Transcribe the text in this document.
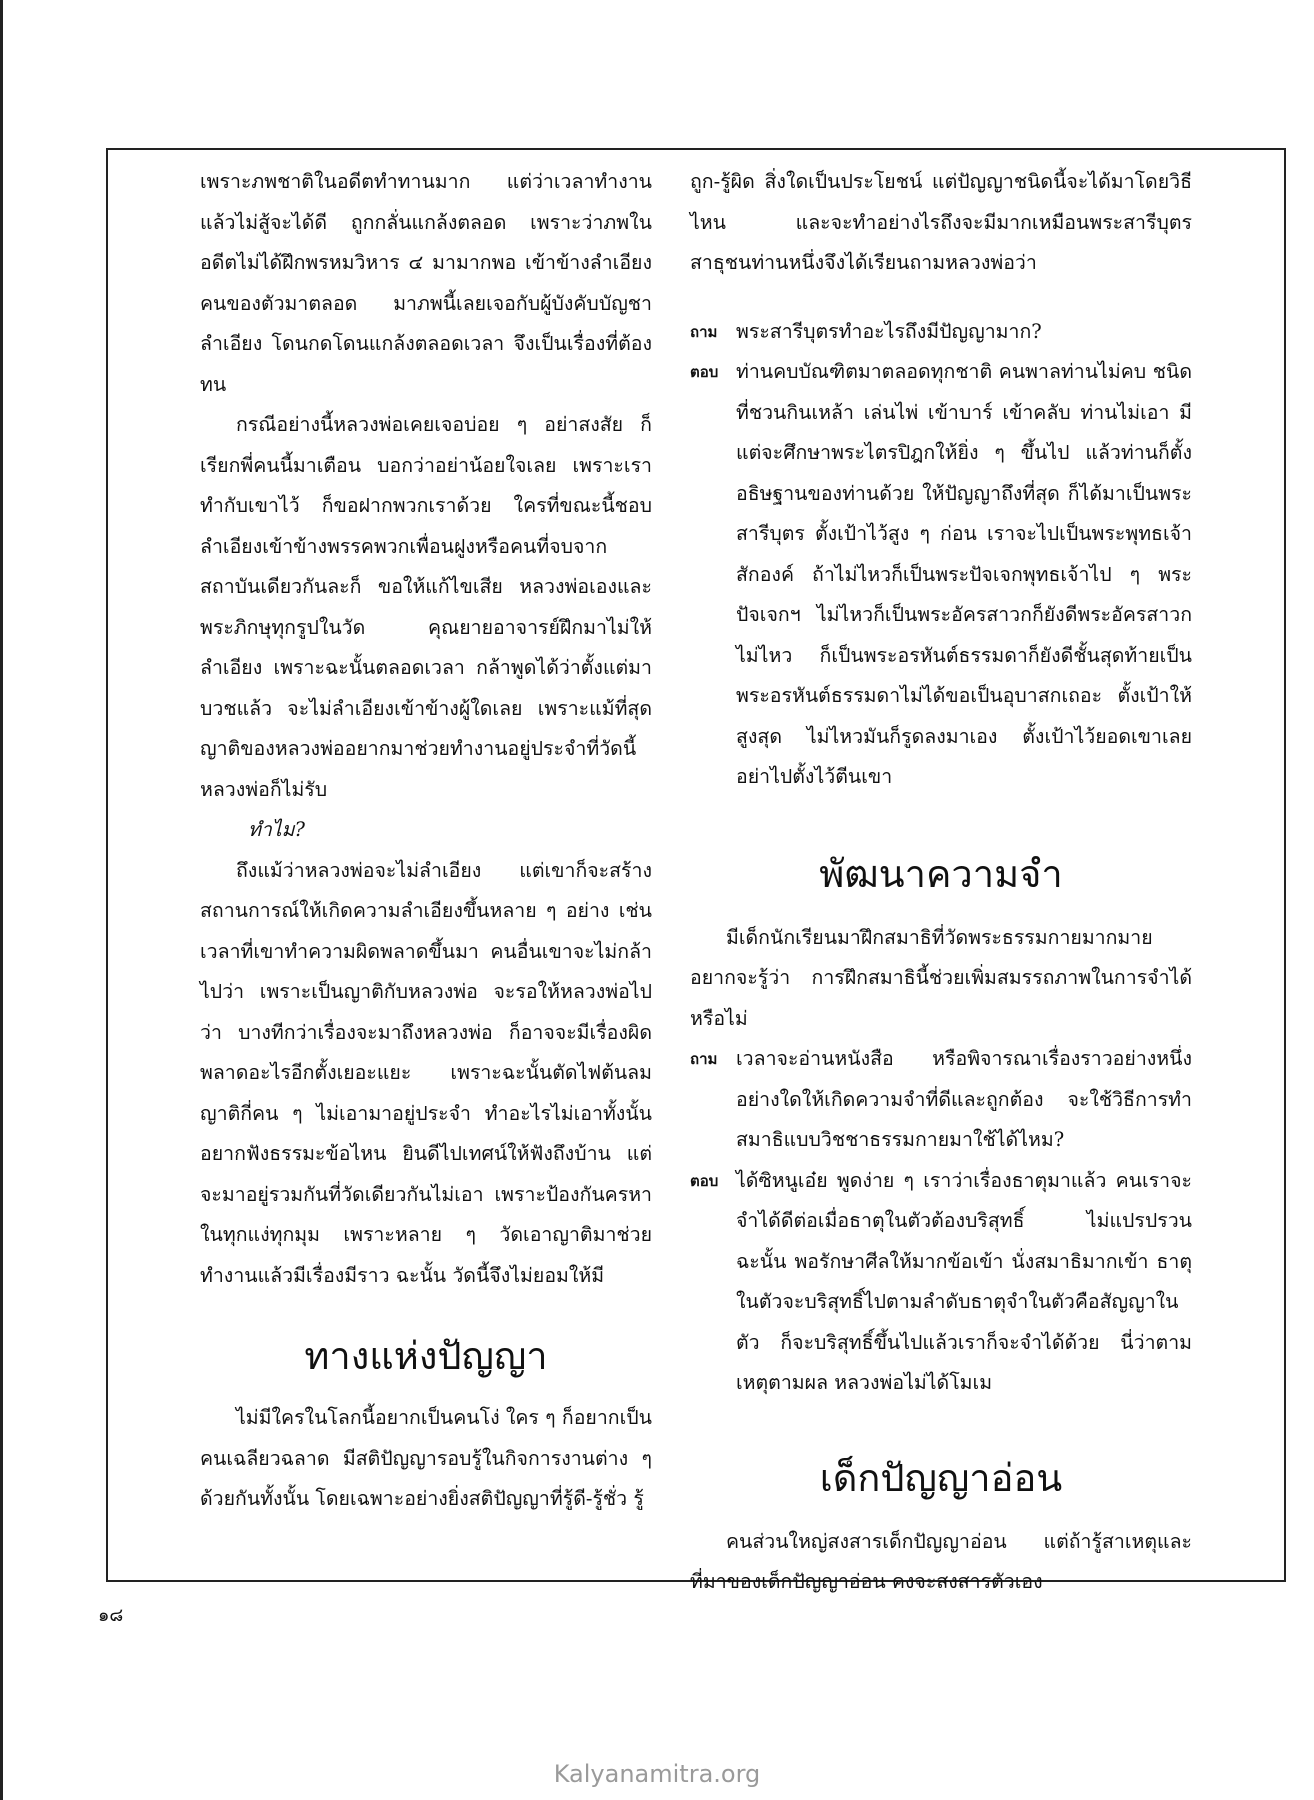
เพราะภพชาติในอดีตทำทานมาก แต่ว่าเวลาทำงานแล้วไม่สู้จะได้ดี ถูกกลั่นแกล้งตลอด เพราะว่าภพในอดีตไม่ได้ฝึกพรหมวิหาร ๔ มามากพอ เข้าข้างลำเอียงคนของตัวมาตลอด มาภพนี้เลยเจอกับผู้บังคับบัญชาลำเอียง โดนกดโดนแกล้งตลอดเวลา จึงเป็นเรื่องที่ต้องทน

กรณีอย่างนี้หลวงพ่อเคยเจอบ่อย ๆ อย่าสงสัย ก็เรียกพี่คนนี้มาเตือน บอกว่าอย่าน้อยใจเลย เพราะเราทำกับเขาไว้ ก็ขอฝากพวกเราด้วย ใครที่ขณะนี้ชอบลำเอียงเข้าข้างพรรคพวกเพื่อนฝูงหรือคนที่จบจากสถาบันเดียวกันละก็ ขอให้แก้ไขเสีย หลวงพ่อเองและพระภิกษุทุกรูปในวัด คุณยายอาจารย์ฝึกมาไม่ให้ลำเอียง เพราะฉะนั้นตลอดเวลา กล้าพูดได้ว่าตั้งแต่มาบวชแล้ว จะไม่ลำเอียงเข้าข้างผู้ใดเลย เพราะแม้ที่สุด ญาติของหลวงพ่ออยากมาช่วยทำงานอยู่ประจำที่วัดนี้ หลวงพ่อก็ไม่รับ

ทำไม?

ถึงแม้ว่าหลวงพ่อจะไม่ลำเอียง แต่เขาก็จะสร้างสถานการณ์ให้เกิดความลำเอียงขึ้นหลาย ๆ อย่าง เช่น เวลาที่เขาทำความผิดพลาดขึ้นมา คนอื่นเขาจะไม่กล้าไปว่า เพราะเป็นญาติกับหลวงพ่อ จะรอให้หลวงพ่อไปว่า บางทีกว่าเรื่องจะมาถึงหลวงพ่อ ก็อาจจะมีเรื่องผิดพลาดอะไรอีกตั้งเยอะแยะ เพราะฉะนั้นตัดไฟต้นลม ญาติกี่คน ๆ ไม่เอามาอยู่ประจำ ทำอะไรไม่เอาทั้งนั้น อยากฟังธรรมะข้อไหน ยินดีไปเทศน์ให้ฟังถึงบ้าน แต่จะมาอยู่รวมกันที่วัดเดียวกันไม่เอา เพราะป้องกันครหาในทุกแง่ทุกมุม เพราะหลาย ๆ วัดเอาญาติมาช่วยทำงานแล้วมีเรื่องมีราว ฉะนั้น วัดนี้จึงไม่ยอมให้มี

ทางแห่งปัญญา

ไม่มีใครในโลกนี้อยากเป็นคนโง่ ใคร ๆ ก็อยากเป็นคนเฉลียวฉลาด มีสติปัญญารอบรู้ในกิจการงานต่าง ๆ ด้วยกันทั้งนั้น โดยเฉพาะอย่างยิ่งสติปัญญาที่รู้ดี-รู้ชั่ว รู้

ถูก-รู้ผิด สิ่งใดเป็นประโยชน์ แต่ปัญญาชนิดนี้จะได้มาโดยวิธีไหน และจะทำอย่างไรถึงจะมีมากเหมือนพระสารีบุตร สาธุชนท่านหนึ่งจึงได้เรียนถามหลวงพ่อว่า

ถาม พระสารีบุตรทำอะไรถึงมีปัญญามาก?
ตอบ ท่านคบบัณฑิตมาตลอดทุกชาติ คนพาลท่านไม่คบ ชนิดที่ชวนกินเหล้า เล่นไพ่ เข้าบาร์ เข้าคลับ ท่านไม่เอา มีแต่จะศึกษาพระไตรปิฎกให้ยิ่ง ๆ ขึ้นไป แล้วท่านก็ตั้งอธิษฐานของท่านด้วย ให้ปัญญาถึงที่สุด ก็ได้มาเป็นพระสารีบุตร ตั้งเป้าไว้สูง ๆ ก่อน เราจะไปเป็นพระพุทธเจ้าสักองค์ ถ้าไม่ไหวก็เป็นพระปัจเจกพุทธเจ้าไป ๆ พระปัจเจกฯ ไม่ไหวก็เป็นพระอัครสาวกก็ยังดีพระอัครสาวกไม่ไหว ก็เป็นพระอรหันต์ธรรมดาก็ยังดีชั้นสุดท้ายเป็นพระอรหันต์ธรรมดาไม่ได้ขอเป็นอุบาสกเถอะ ตั้งเป้าให้สูงสุด ไม่ไหวมันก็รูดลงมาเอง ตั้งเป้าไว้ยอดเขาเลย อย่าไปตั้งไว้ตีนเขา
พัฒนาความจำ

มีเด็กนักเรียนมาฝึกสมาธิที่วัดพระธรรมกายมากมายอยากจะรู้ว่า การฝึกสมาธินี้ช่วยเพิ่มสมรรถภาพในการจำได้หรือไม่

ถาม เวลาจะอ่านหนังสือ หรือพิจารณาเรื่องราวอย่างหนึ่งอย่างใดให้เกิดความจำที่ดีและถูกต้อง จะใช้วิธีการทำสมาธิแบบวิชชาธรรมกายมาใช้ได้ไหม?
ตอบ ได้ซิหนูเอ๋ย พูดง่าย ๆ เราว่าเรื่องธาตุมาแล้ว คนเราจะจำได้ดีต่อเมื่อธาตุในตัวต้องบริสุทธิ์ ไม่แปรปรวน ฉะนั้น พอรักษาศีลให้มากข้อเข้า นั่งสมาธิมากเข้า ธาตุในตัวจะบริสุทธิ์ไปตามลำดับธาตุจำในตัวคือสัญญาในตัว ก็จะบริสุทธิ์ขึ้นไปแล้วเราก็จะจำได้ด้วย นี่ว่าตามเหตุตามผล หลวงพ่อไม่ได้โมเม
เด็กปัญญาอ่อน

คนส่วนใหญ่สงสารเด็กปัญญาอ่อน แต่ถ้ารู้สาเหตุและที่มาของเด็กปัญญาอ่อน คงจะสงสารตัวเอง

๑๘
Kalyanamitra.org
